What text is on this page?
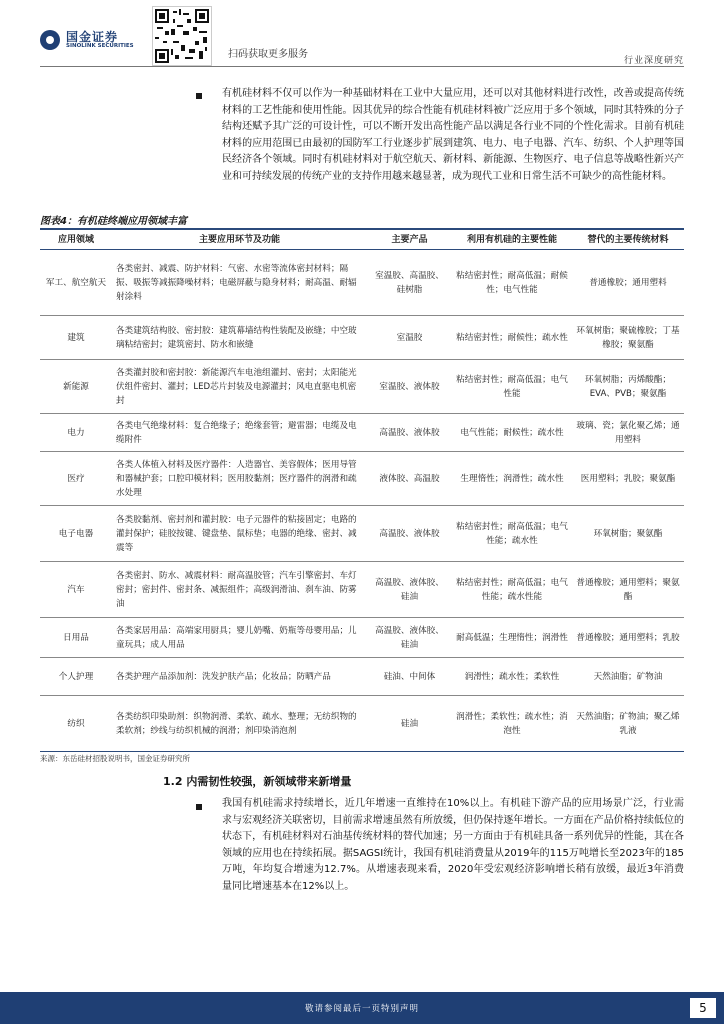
国金证券
SINOLINK SECURITIES
扫码获取更多服务
行业深度研究

有机硅材料不仅可以作为一种基础材料在工业中大量应用，还可以对其他材料进行改性，改善或提高传统材料的工艺性能和使用性能。因其优异的综合性能有机硅材料被广泛应用于多个领域，同时其特殊的分子结构还赋予其广泛的可设计性，可以不断开发出高性能产品以满足各行业不同的个性化需求。目前有机硅材料的应用范围已由最初的国防军工行业逐步扩展到建筑、电力、电子电器、汽车、纺织、个人护理等国民经济各个领域。同时有机硅材料对于航空航天、新材料、新能源、生物医疗、电子信息等战略性新兴产业和可持续发展的传统产业的支持作用越来越显著，成为现代工业和日常生活不可缺少的高性能材料。

图表4：有机硅终端应用领域丰富
应用领域	主要应用环节及功能	主要产品	利用有机硅的主要性能	替代的主要传统材料
军工、航空航天	各类密封、减震、防护材料：气密、水密等流体密封材料；隔振、吸振等减振降噪材料；电磁屏蔽与隐身材料；耐高温、耐辐射涂料	室温胶、高温胶、硅树脂	粘结密封性；耐高低温；耐候性；电气性能	普通橡胶；通用塑料
建筑	各类建筑结构胶、密封胶：建筑幕墙结构性装配及嵌缝；中空玻璃粘结密封；建筑密封、防水和嵌缝	室温胶	粘结密封性；耐候性；疏水性	环氧树脂；聚硫橡胶；丁基橡胶；聚氨酯
新能源	各类灌封胶和密封胶：新能源汽车电池组灌封、密封；太阳能光伏组件密封、灌封；LED芯片封装及电源灌封；风电直驱电机密封	室温胶、液体胶	粘结密封性；耐高低温；电气性能	环氧树脂；丙烯酸酯；EVA、PVB；聚氨酯
电力	各类电气绝缘材料：复合绝缘子；绝缘套管；避雷器；电缆及电缆附件	高温胶、液体胶	电气性能；耐候性；疏水性	玻璃、瓷；氯化聚乙烯；通用塑料
医疗	各类人体植入材料及医疗器件：人造器官、美容假体；医用导管和器械护套；口腔印模材料；医用胶黏剂；医疗器件的润滑和疏水处理	液体胶、高温胶	生理惰性；润滑性；疏水性	医用塑料；乳胶；聚氨酯
电子电器	各类胶黏剂、密封剂和灌封胶：电子元器件的粘接固定；电路的灌封保护；硅胶按键、键盘垫、鼠标垫；电器的绝缘、密封、减震等	高温胶、液体胶	粘结密封性；耐高低温；电气性能；疏水性	环氧树脂；聚氨酯
汽车	各类密封、防水、减震材料：耐高温胶管；汽车引擎密封、车灯密封；密封件、密封条、减振组件；高级润滑油、刹车油、防雾油	高温胶、液体胶、硅油	粘结密封性；耐高低温；电气性能；疏水性能	普通橡胶；通用塑料；聚氨酯
日用品	各类家居用品：高端家用厨具；婴儿奶嘴、奶瓶等母婴用品；儿童玩具；成人用品	高温胶、液体胶、硅油	耐高低温；生理惰性；润滑性	普通橡胶；通用塑料；乳胶
个人护理	各类护理产品添加剂：洗发护肤产品；化妆品；防晒产品	硅油、中间体	润滑性；疏水性；柔软性	天然油脂；矿物油
纺织	各类纺织印染助剂：织物润滑、柔软、疏水、整理；无纺织物的柔软剂；纱线与纺织机械的润滑；剂印染消泡剂	硅油	润滑性；柔软性；疏水性；消泡性	天然油脂；矿物油；聚乙烯乳液
来源：东岳硅材招股说明书，国金证券研究所
1.2 内需韧性较强，新领域带来新增量

我国有机硅需求持续增长，近几年增速一直维持在10%以上。有机硅下游产品的应用场景广泛，行业需求与宏观经济关联密切，目前需求增速虽然有所放缓，但仍保持逐年增长。一方面在产品价格持续低位的状态下，有机硅材料对石油基传统材料的替代加速；另一方面由于有机硅具备一系列优异的性能，其在各领域的应用也在持续拓展。据SAGSI统计，我国有机硅消费量从2019年的115万吨增长至2023年的185万吨，年均复合增速为12.7%。从增速表现来看，2020年受宏观经济影响增长稍有放缓，最近3年消费量同比增速基本在12%以上。

敬请参阅最后一页特别声明	5
